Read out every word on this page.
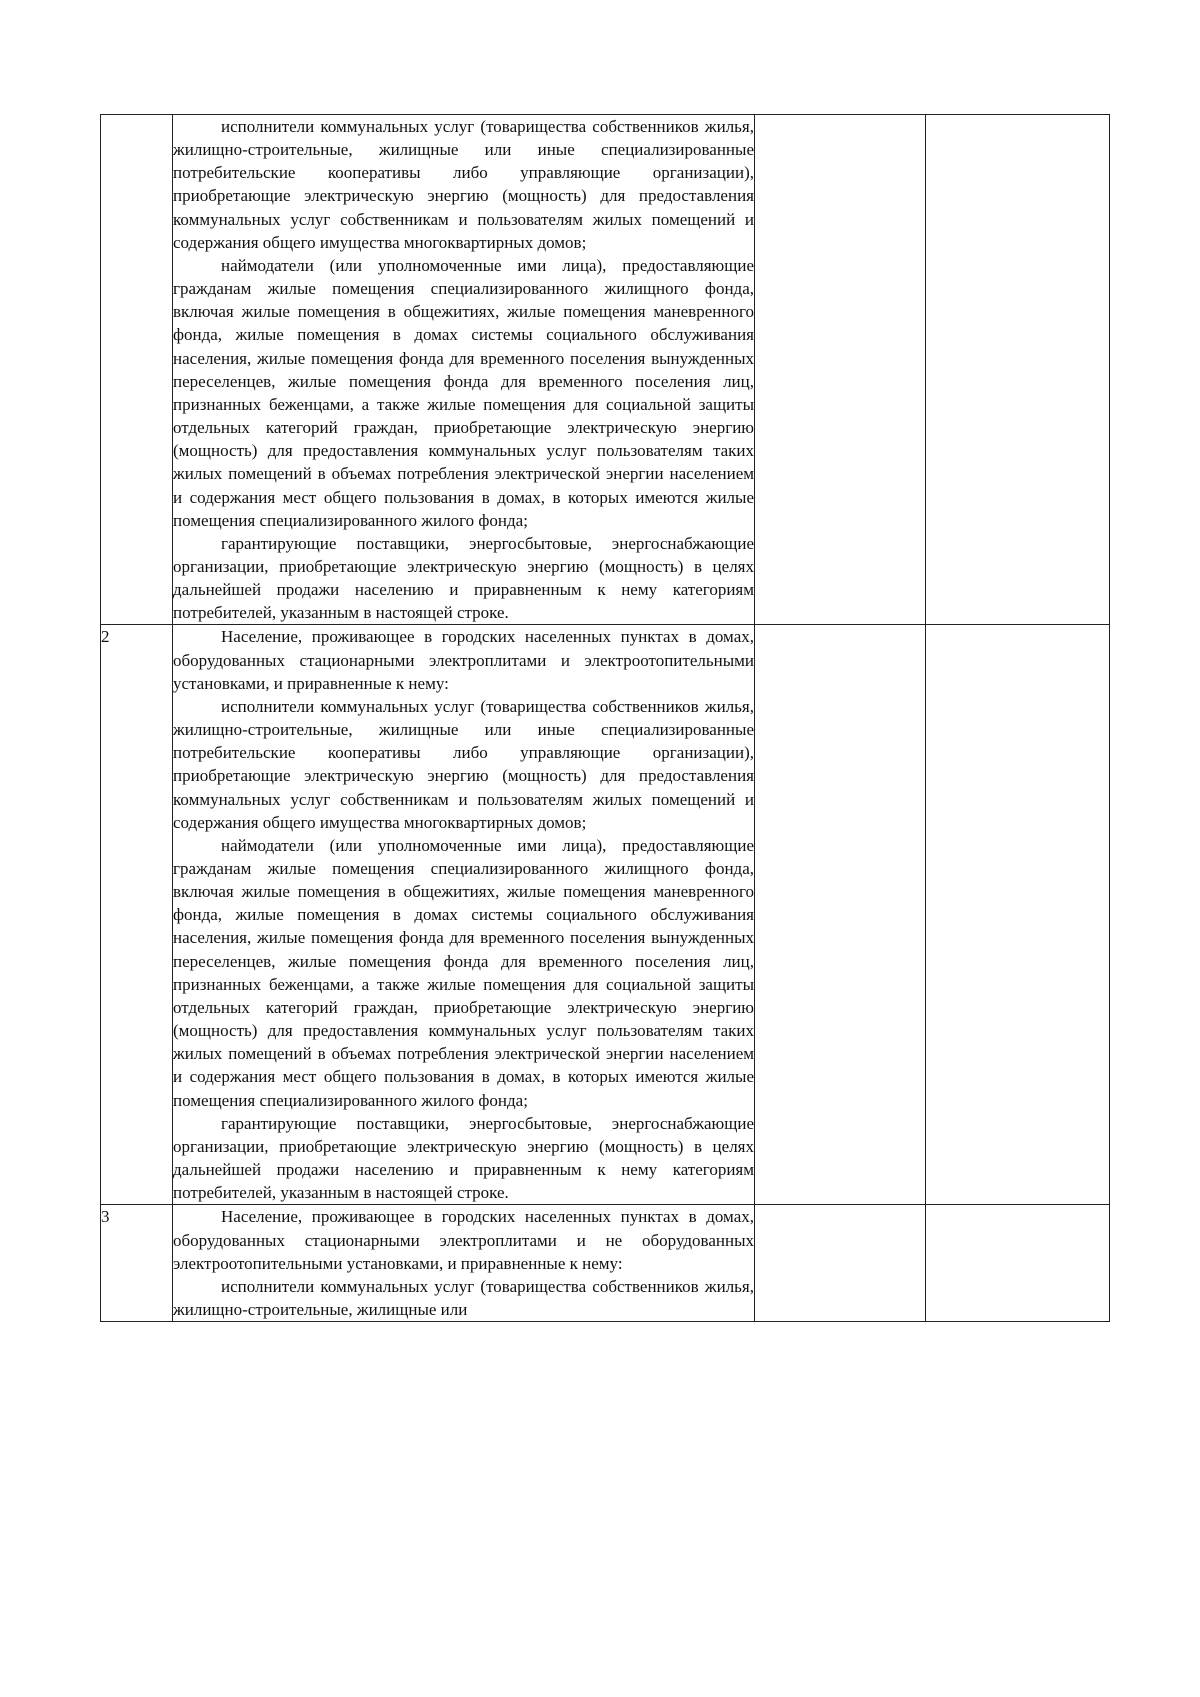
	исполнители коммунальных услуг (товарищества собственников жилья, жилищно-строительные, жилищные или иные специализированные потребительские кооперативы либо управляющие организации), приобретающие электрическую энергию (мощность) для предоставления коммунальных услуг собственникам и пользователям жилых помещений и содержания общего имущества многоквартирных домов;

наймодатели (или уполномоченные ими лица), предоставляющие гражданам жилые помещения специализированного жилищного фонда, включая жилые помещения в общежитиях, жилые помещения маневренного фонда, жилые помещения в домах системы социального обслуживания населения, жилые помещения фонда для временного поселения вынужденных переселенцев, жилые помещения фонда для временного поселения лиц, признанных беженцами, а также жилые помещения для социальной защиты отдельных категорий граждан, приобретающие электрическую энергию (мощность) для предоставления коммунальных услуг пользователям таких жилых помещений в объемах потребления электрической энергии населением и содержания мест общего пользования в домах, в которых имеются жилые помещения специализированного жилого фонда;

гарантирующие поставщики, энергосбытовые, энергоснабжающие организации, приобретающие электрическую энергию (мощность) в целях дальнейшей продажи населению и приравненным к нему категориям потребителей, указанным в настоящей строке.		

2	Население, проживающее в городских населенных пунктах в домах, оборудованных стационарными электроплитами и электроотопительными установками, и приравненные к нему:

исполнители коммунальных услуг (товарищества собственников жилья, жилищно-строительные, жилищные или иные специализированные потребительские кооперативы либо управляющие организации), приобретающие электрическую энергию (мощность) для предоставления коммунальных услуг собственникам и пользователям жилых помещений и содержания общего имущества многоквартирных домов;

наймодатели (или уполномоченные ими лица), предоставляющие гражданам жилые помещения специализированного жилищного фонда, включая жилые помещения в общежитиях, жилые помещения маневренного фонда, жилые помещения в домах системы социального обслуживания населения, жилые помещения фонда для временного поселения вынужденных переселенцев, жилые помещения фонда для временного поселения лиц, признанных беженцами, а также жилые помещения для социальной защиты отдельных категорий граждан, приобретающие электрическую энергию (мощность) для предоставления коммунальных услуг пользователям таких жилых помещений в объемах потребления электрической энергии населением и содержания мест общего пользования в домах, в которых имеются жилые помещения специализированного жилого фонда;

гарантирующие поставщики, энергосбытовые, энергоснабжающие организации, приобретающие электрическую энергию (мощность) в целях дальнейшей продажи населению и приравненным к нему категориям потребителей, указанным в настоящей строке.		

3	Население, проживающее в городских населенных пунктах в домах, оборудованных стационарными электроплитами и не оборудованных электроотопительными установками, и приравненные к нему:

исполнители коммунальных услуг (товарищества собственников жилья, жилищно-строительные, жилищные или		
